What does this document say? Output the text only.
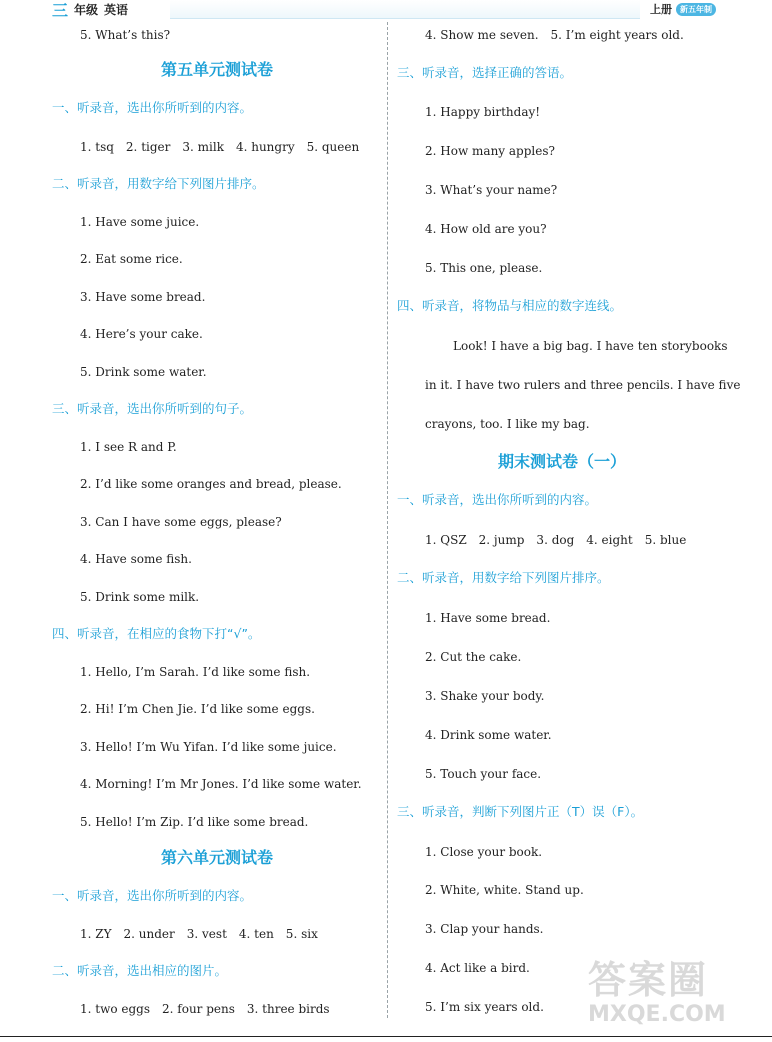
三 年级 英语	上册	新五年制
5. What’s this?
第五单元测试卷
一、听录音，选出你所听到的内容。
1. tsq　2. tiger　3. milk　4. hungry　5. queen
二、听录音，用数字给下列图片排序。
1. Have some juice.
2. Eat some rice.
3. Have some bread.
4. Here’s your cake.
5. Drink some water.
三、听录音，选出你所听到的句子。
1. I see R and P.
2. I’d like some oranges and bread, please.
3. Can I have some eggs, please?
4. Have some fish.
5. Drink some milk.
四、听录音，在相应的食物下打“√”。
1. Hello, I’m Sarah. I’d like some fish.
2. Hi! I’m Chen Jie. I’d like some eggs.
3. Hello! I’m Wu Yifan. I’d like some juice.
4. Morning! I’m Mr Jones. I’d like some water.
5. Hello! I’m Zip. I’d like some bread.
第六单元测试卷
一、听录音，选出你所听到的内容。
1. ZY　2. under　3. vest　4. ten　5. six
二、听录音，选出相应的图片。
1. two eggs　2. four pens　3. three birds
4. Show me seven.　5. I’m eight years old.
三、听录音，选择正确的答语。
1. Happy birthday!
2. How many apples?
3. What’s your name?
4. How old are you?
5. This one, please.
四、听录音，将物品与相应的数字连线。
Look! I have a big bag. I have ten storybooks
in it. I have two rulers and three pencils. I have five
crayons, too. I like my bag.
期末测试卷（一）
一、听录音，选出你所听到的内容。
1. QSZ　2. jump　3. dog　4. eight　5. blue
二、听录音，用数字给下列图片排序。
1. Have some bread.
2. Cut the cake.
3. Shake your body.
4. Drink some water.
5. Touch your face.
三、听录音，判断下列图片正（T）误（F）。
1. Close your book.
2. White, white. Stand up.
3. Clap your hands.
4. Act like a bird.
5. I’m six years old.
答案圈
MXQE.COM
